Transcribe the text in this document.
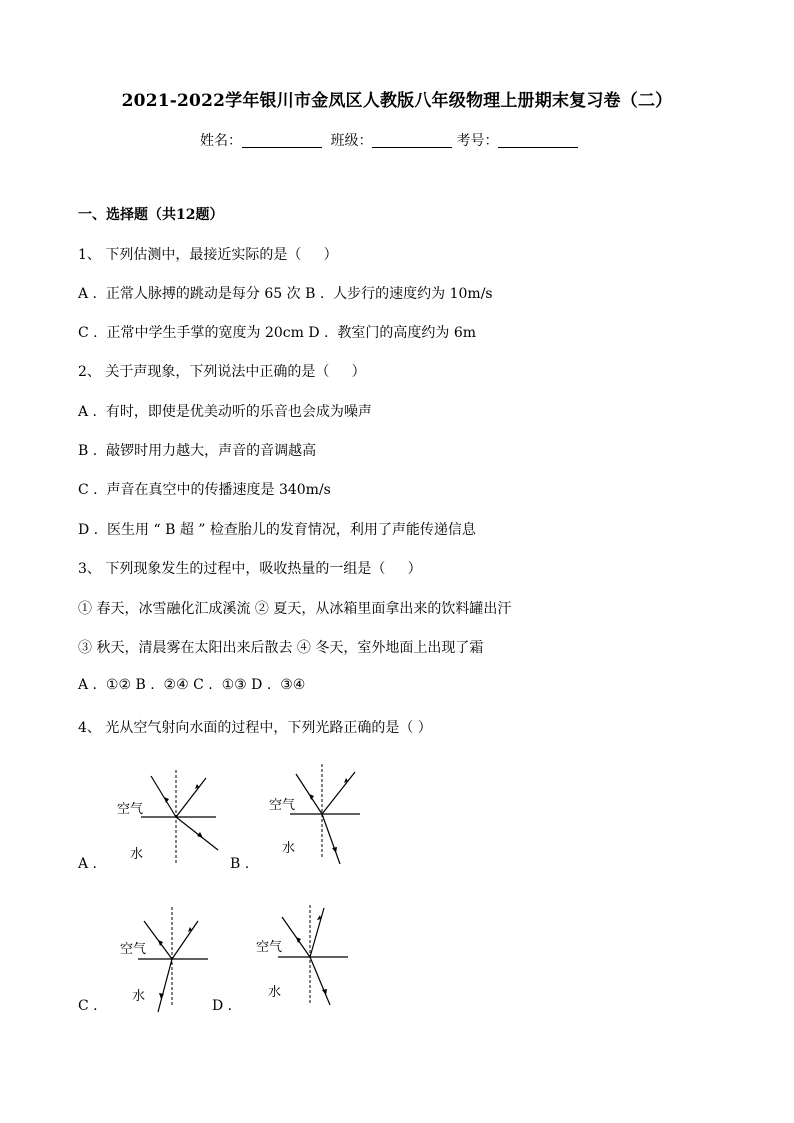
2021-2022学年银川市金凤区人教版八年级物理上册期末复习卷（二）
姓名：	班级：	考号：
一、选择题（共12题）
1、 下列估测中，最接近实际的是（     ）
A .  正常人脉搏的跳动是每分 65 次 B .  人步行的速度约为 10m/s
C .  正常中学生手掌的宽度为 20cm D .  教室门的高度约为 6m
2、 关于声现象，下列说法中正确的是（     ）
A .  有时，即使是优美动听的乐音也会成为噪声
B .  敲锣时用力越大，声音的音调越高
C .  声音在真空中的传播速度是 340m/s
D .  医生用 “ B 超 ” 检查胎儿的发育情况，利用了声能传递信息
3、 下列现象发生的过程中，吸收热量的一组是（     ）
① 春天，冰雪融化汇成溪流 ② 夏天，从冰箱里面拿出来的饮料罐出汗
③ 秋天，清晨雾在太阳出来后散去 ④ 冬天，室外地面上出现了霜
A .  ①② B .  ②④ C .  ①③ D .  ③④
4、 光从空气射向水面的过程中，下列光路正确的是（ ）
空气
水
A .
空气
水
B .
空气
水
C .
空气
水
D .
